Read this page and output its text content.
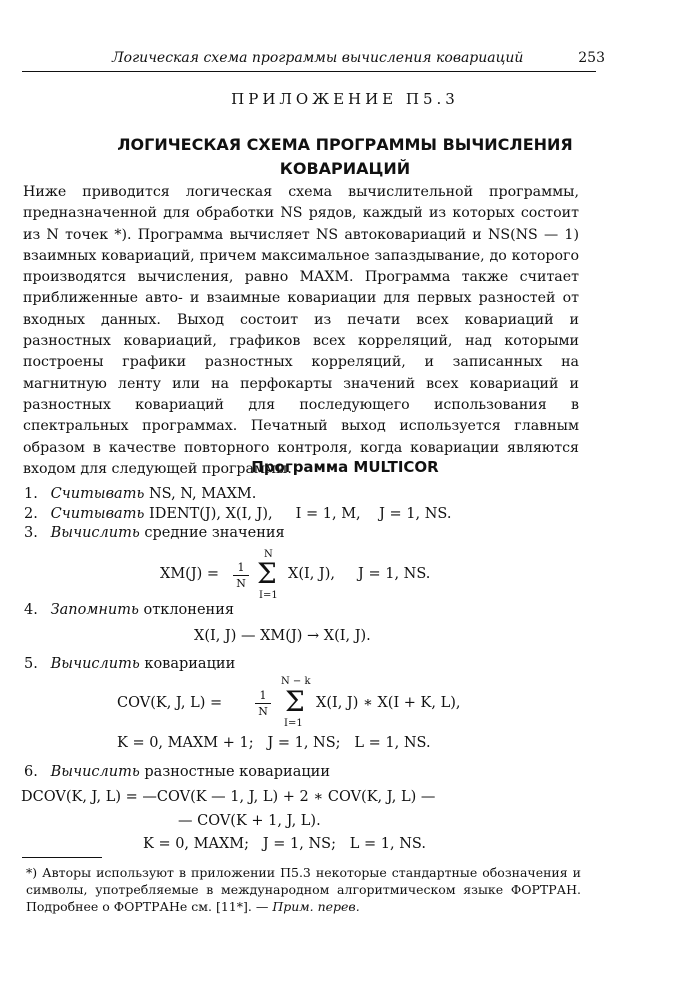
Логическая схема программы вычисления ковариаций	253
ПРИЛОЖЕНИЕ П5.3
ЛОГИЧЕСКАЯ СХЕМА ПРОГРАММЫ ВЫЧИСЛЕНИЯ
КОВАРИАЦИЙ

Ниже приводится логическая схема вычислительной программы, предназначенной для обработки NS рядов, каждый из которых состоит из N точек *). Программа вычисляет NS автоковариаций и NS(NS — 1) взаимных ковариаций, причем максимальное запаздывание, до которого производятся вычисления, равно MAXM. Программа также считает приближенные авто- и взаимные ковариации для первых разностей от входных данных. Выход состоит из печати всех ковариаций и разностных ковариаций, графиков всех корреляций, над которыми построены графики разностных корреляций, и записанных на магнитную ленту или на перфокарты значений всех ковариаций и разностных ковариаций для последующего использования в спектральных программах. Печатный выход используется главным образом в качестве повторного контроля, когда ковариации являются входом для следующей программы.

Программа MULTICOR
1. Считывать NS, N, MAXM.
2. Считывать IDENT(J), X(I, J),     I = 1, M,    J = 1, NS.
3. Вычислить средние значения
XM(J) =	1
N
N
Σ
I=1
X(I, J),     J = 1, NS.
4. Запомнить отклонения
X(I, J) — XM(J) → X(I, J).
5. Вычислить ковариации
COV(K, J, L) =	1
N
N − k
Σ
I=1
X(I, J) ∗ X(I + K, L),
K = 0, MAXM + 1;   J = 1, NS;   L = 1, NS.
6. Вычислить разностные ковариации
DCOV(K, J, L) = —COV(K — 1, J, L) + 2 ∗ COV(K, J, L) —
— COV(K + 1, J, L).
K = 0, MAXM;   J = 1, NS;   L = 1, NS.

*) Авторы используют в приложении П5.3 некоторые стандартные обозначения и символы, употребляемые в международном алгоритмическом языке ФОРТРАН. Подробнее о ФОРТРАНе см. [11*]. — Прим. перев.
